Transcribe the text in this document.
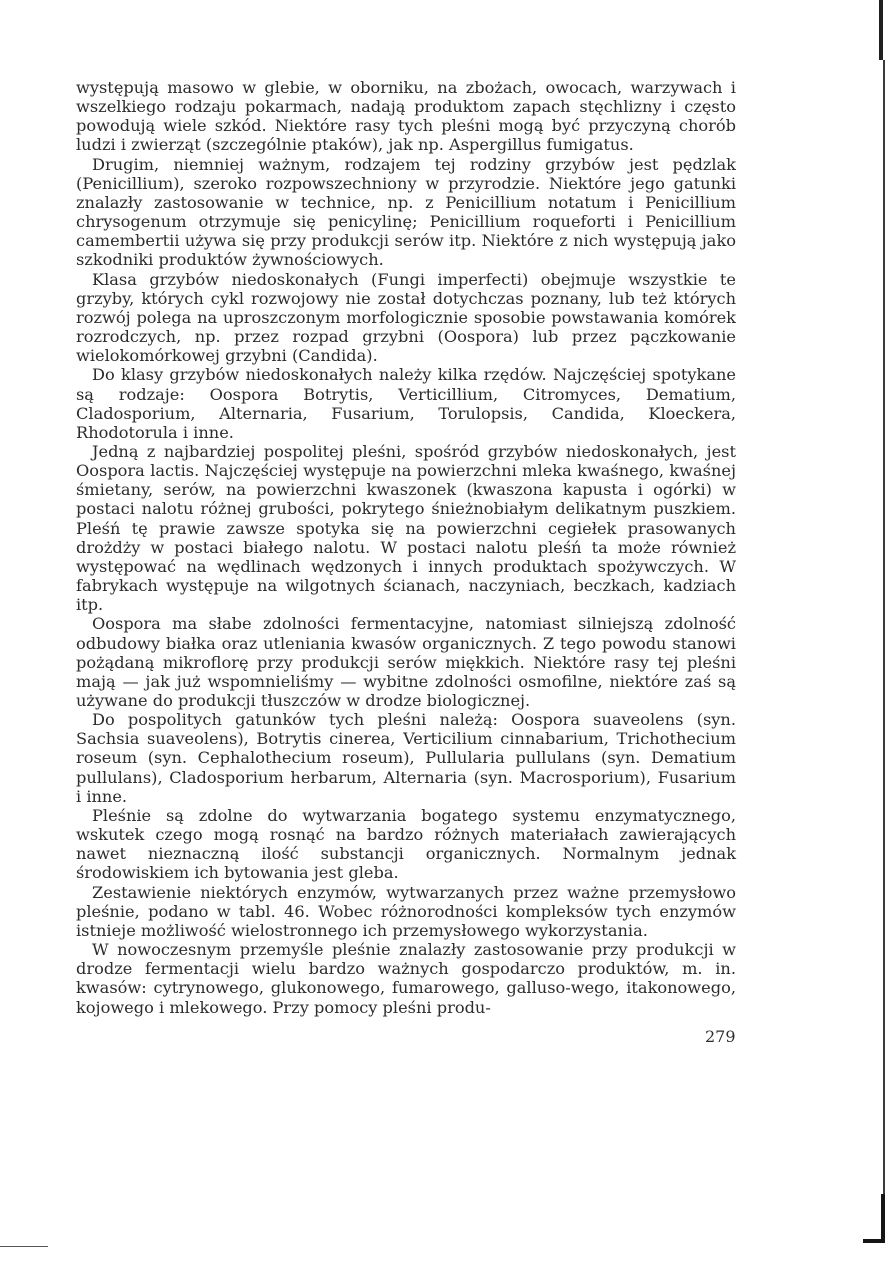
występują masowo w glebie, w oborniku, na zbożach, owocach, warzywach i wszelkiego rodzaju pokarmach, nadają produktom zapach stęchlizny i często powodują wiele szkód. Niektóre rasy tych pleśni mogą być przyczyną chorób ludzi i zwierząt (szczególnie ptaków), jak np. Aspergillus fumigatus.

Drugim, niemniej ważnym, rodzajem tej rodziny grzybów jest pędzlak (Penicillium), szeroko rozpowszechniony w przyrodzie. Niektóre jego gatunki znalazły zastosowanie w technice, np. z Penicillium notatum i Penicillium chrysogenum otrzymuje się penicylinę; Penicillium roqueforti i Penicillium camembertii używa się przy produkcji serów itp. Niektóre z nich występują jako szkodniki produktów żywnościowych.

Klasa grzybów niedoskonałych (Fungi imperfecti) obejmuje wszystkie te grzyby, których cykl rozwojowy nie został dotychczas poznany, lub też których rozwój polega na uproszczonym morfologicznie sposobie powstawania komórek rozrodczych, np. przez rozpad grzybni (Oospora) lub przez pączkowanie wielokomórkowej grzybni (Candida).

Do klasy grzybów niedoskonałych należy kilka rzędów. Najczęściej spotykane są rodzaje: Oospora Botrytis, Verticillium, Citromyces, Dematium, Cladosporium, Alternaria, Fusarium, Torulopsis, Candida, Kloeckera, Rhodotorula i inne.

Jedną z najbardziej pospolitej pleśni, spośród grzybów niedoskonałych, jest Oospora lactis. Najczęściej występuje na powierzchni mleka kwaśnego, kwaśnej śmietany, serów, na powierzchni kwaszonek (kwaszona kapusta i ogórki) w postaci nalotu różnej grubości, pokrytego śnieżnobiałym delikatnym puszkiem. Pleśń tę prawie zawsze spotyka się na powierzchni cegiełek prasowanych drożdży w postaci białego nalotu. W postaci nalotu pleśń ta może również występować na wędlinach wędzonych i innych produktach spożywczych. W fabrykach występuje na wilgotnych ścianach, naczyniach, beczkach, kadziach itp.

Oospora ma słabe zdolności fermentacyjne, natomiast silniejszą zdolność odbudowy białka oraz utleniania kwasów organicznych. Z tego powodu stanowi pożądaną mikroflorę przy produkcji serów miękkich. Niektóre rasy tej pleśni mają — jak już wspomnieliśmy — wybitne zdolności osmofilne, niektóre zaś są używane do produkcji tłuszczów w drodze biologicznej.

Do pospolitych gatunków tych pleśni należą: Oospora suaveolens (syn. Sachsia suaveolens), Botrytis cinerea, Verticilium cinnabarium, Trichothecium roseum (syn. Cephalothecium roseum), Pullularia pullulans (syn. Dematium pullulans), Cladosporium herbarum, Alternaria (syn. Macrosporium), Fusarium i inne.

Pleśnie są zdolne do wytwarzania bogatego systemu enzymatycznego, wskutek czego mogą rosnąć na bardzo różnych materiałach zawierających nawet nieznaczną ilość substancji organicznych. Normalnym jednak środowiskiem ich bytowania jest gleba.

Zestawienie niektórych enzymów, wytwarzanych przez ważne przemysłowo pleśnie, podano w tabl. 46. Wobec różnorodności kompleksów tych enzymów istnieje możliwość wielostronnego ich przemysłowego wykorzystania.

W nowoczesnym przemyśle pleśnie znalazły zastosowanie przy produkcji w drodze fermentacji wielu bardzo ważnych gospodarczo produktów, m. in. kwasów: cytrynowego, glukonowego, fumarowego, galluso-wego, itakonowego, kojowego i mlekowego. Przy pomocy pleśni produ-

279
